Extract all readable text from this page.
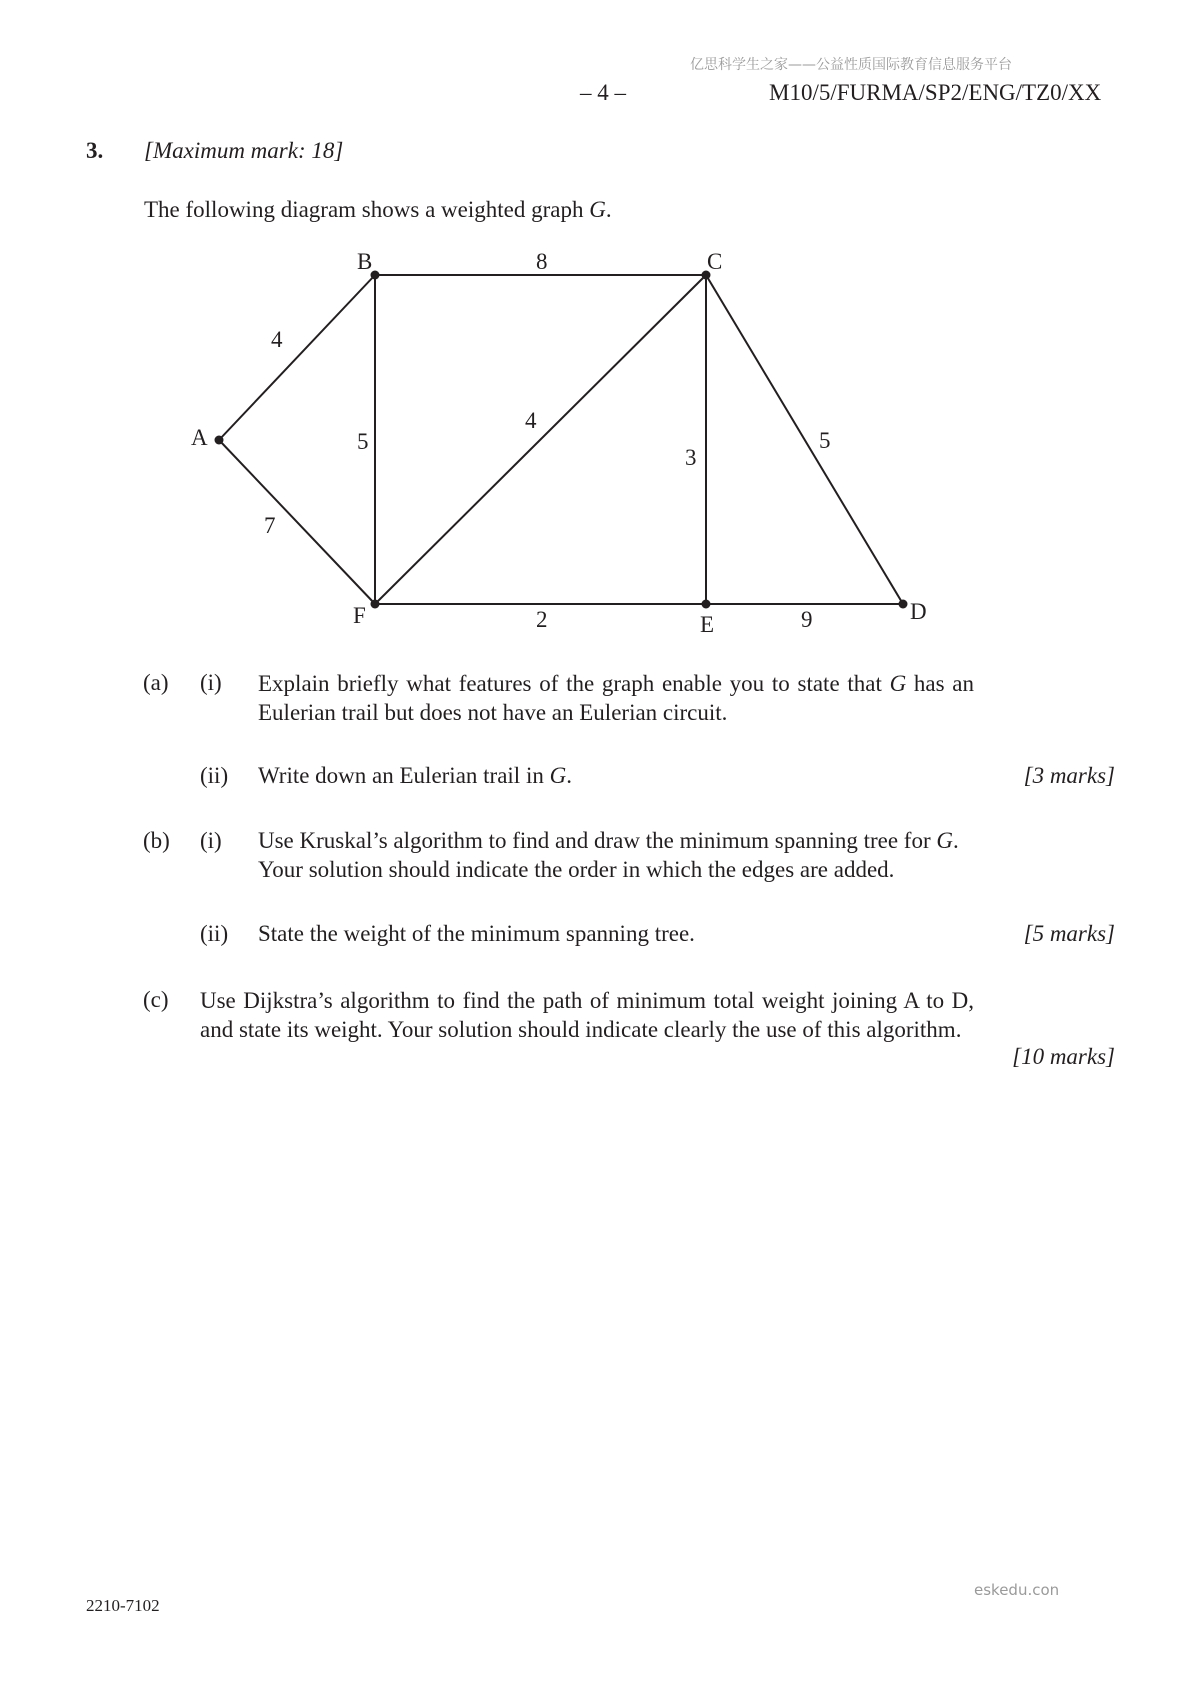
亿思科学生之家——公益性质国际教育信息服务平台
– 4 –	M10/5/FURMA/SP2/ENG/TZ0/XX
3. [Maximum mark: 18]
The following diagram shows a weighted graph G.
A
B	C
D
E
F
4
7
8
5
4
3
5
2	9
(a) (i) Explain briefly what features of the graph enable you to state that G has an Eulerian trail but does not have an Eulerian circuit.
(ii) Write down an Eulerian trail in G.	[3 marks]
(b) (i) Use Kruskal’s algorithm to find and draw the minimum spanning tree for G.
Your solution should indicate the order in which the edges are added.
(ii) State the weight of the minimum spanning tree.	[5 marks]
(c) Use Dijkstra’s algorithm to find the path of minimum total weight joining A to D, and state its weight. Your solution should indicate clearly the use of this algorithm.
[10 marks]
eskedu.con
2210-7102
